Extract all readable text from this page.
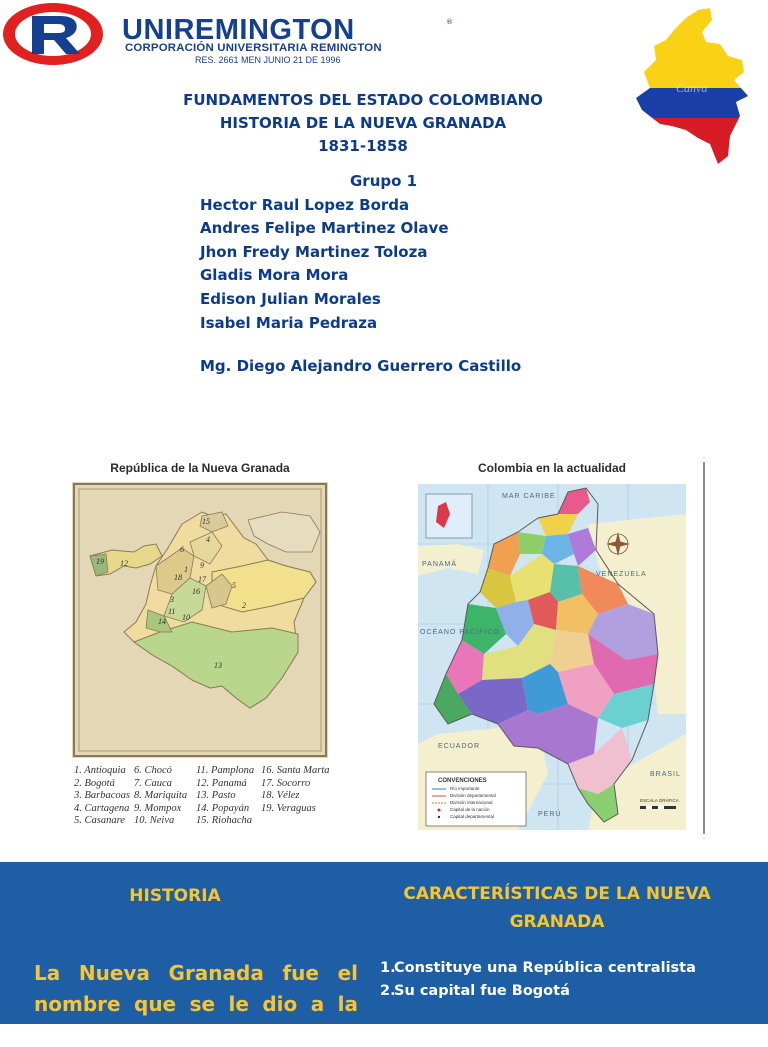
UNIREMINGTON	®
CORPORACIÓN UNIVERSITARIA REMINGTON
RES. 2661 MEN JUNIO 21 DE 1996
Canva
FUNDAMENTOS DEL ESTADO COLOMBIANO
HISTORIA DE LA NUEVA GRANADA
1831-1858
Grupo 1
Hector Raul Lopez Borda
Andres Felipe Martinez Olave
Jhon Fredy Martinez Toloza
Gladis Mora Mora
Edison Julian Morales
Isabel Maria Pedraza
Mg. Diego Alejandro Guerrero Castillo
República de la Nueva Granada
15
6
19 12
4
1 9
17
16
3
10
14
2
5
13
11
18
1. Antioquia
2. Bogotá
3. Barbacoas
4. Cartagena
5. Casanare
6. Chocó
7. Cauca
8. Mariquita
9. Mompox
10. Neiva
11. Pamplona
12. Panamá
13. Pasto
14. Popayán
15. Riohacha
16. Santa Marta
17. Socorro
18. Vélez
19. Veraguas
Colombia en la actualidad
MAR CARIBE
PANAMÁ
VENEZUELA
OCÉANO PACÍFICO
BRASIL
ECUADOR
PERÚ
CONVENCIONES
Río importante
División departamental
División internacional
Capital de la nación
Capital departamental
ESCALA GRÁFICA
HISTORIA
La Nueva Granada fue el nombre que se le dio a la
CARACTERÍSTICAS DE LA NUEVA
GRANADA
1.Constituye una República centralista
2.Su capital fue Bogotá

3.Surgió  tras  la  disolución  de  la  gran
